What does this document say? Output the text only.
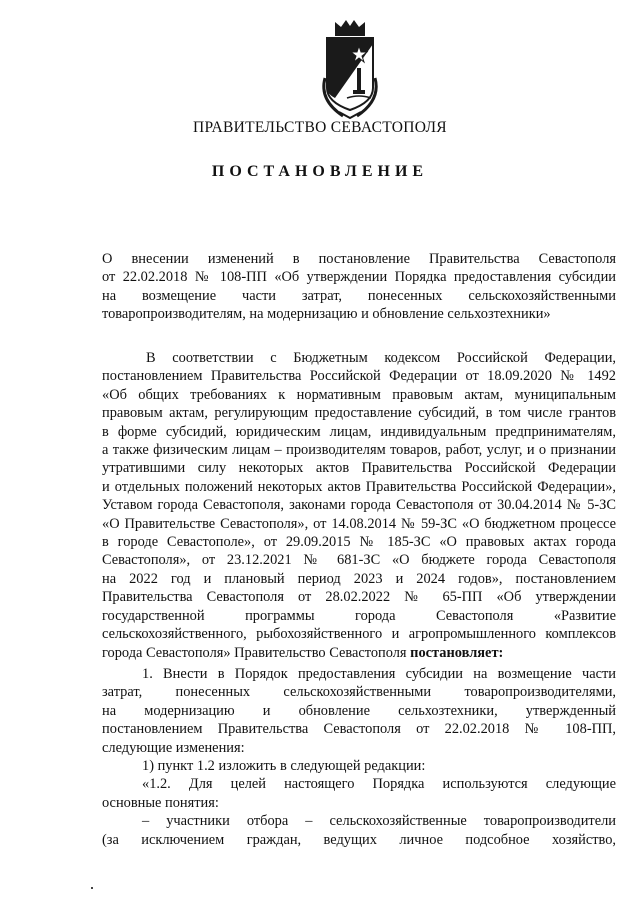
ПРАВИТЕЛЬСТВО СЕВАСТОПОЛЯ
ПОСТАНОВЛЕНИЕ
О внесении изменений в постановление Правительства Севастополя
от 22.02.2018 № 108-ПП «Об утверждении Порядка предоставления субсидии
на возмещение части затрат, понесенных сельскохозяйственными
товаропроизводителям, на модернизацию и обновление сельхозтехники»
В соответствии с Бюджетным кодексом Российской Федерации,
постановлением Правительства Российской Федерации от 18.09.2020 № 1492
«Об общих требованиях к нормативным правовым актам, муниципальным
правовым актам, регулирующим предоставление субсидий, в том числе грантов
в форме субсидий, юридическим лицам, индивидуальным предпринимателям,
а также физическим лицам – производителям товаров, работ, услуг, и о признании
утратившими силу некоторых актов Правительства Российской Федерации
и отдельных положений некоторых актов Правительства Российской Федерации»,
Уставом города Севастополя, законами города Севастополя от 30.04.2014 № 5-ЗС
«О Правительстве Севастополя», от 14.08.2014 № 59-ЗС «О бюджетном процессе
в городе Севастополе», от 29.09.2015 № 185-ЗС «О правовых актах города
Севастополя», от 23.12.2021 № 681-ЗС «О бюджете города Севастополя
на 2022 год и плановый период 2023 и 2024 годов», постановлением
Правительства Севастополя от 28.02.2022 № 65-ПП «Об утверждении
государственной программы города Севастополя «Развитие
сельскохозяйственного, рыбохозяйственного и агропромышленного комплексов
города Севастополя» Правительство Севастополя постановляет:
1. Внести в Порядок предоставления субсидии на возмещение части
затрат, понесенных сельскохозяйственными товаропроизводителями,
на модернизацию и обновление сельхозтехники, утвержденный
постановлением Правительства Севастополя от 22.02.2018 № 108-ПП,
следующие изменения:
1) пункт 1.2 изложить в следующей редакции:
«1.2. Для целей настоящего Порядка используются следующие
основные понятия:
– участники отбора – сельскохозяйственные товаропроизводители
(за исключением граждан, ведущих личное подсобное хозяйство,
